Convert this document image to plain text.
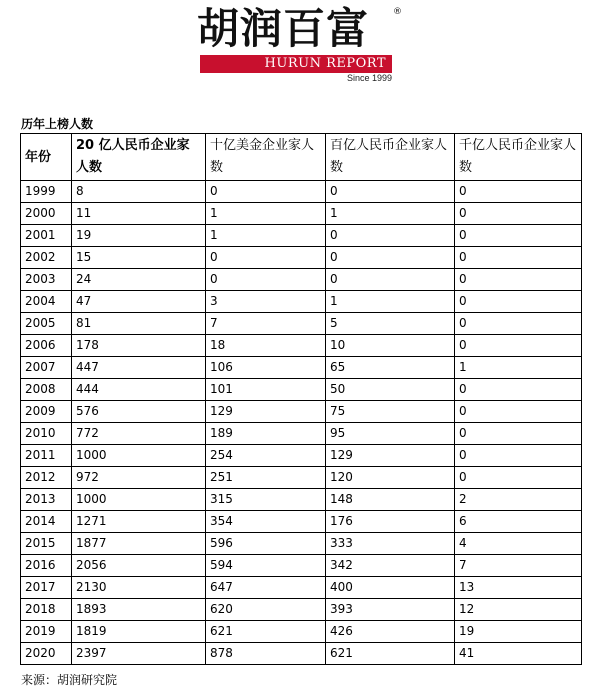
胡润百富	®
HURUN REPORT
Since 1999
历年上榜人数
年份	20 亿人民币企业家人数	十亿美金企业家人数	百亿人民币企业家人数	千亿人民币企业家人数
1999	8	0	0	0
2000	11	1	1	0
2001	19	1	0	0
2002	15	0	0	0
2003	24	0	0	0
2004	47	3	1	0
2005	81	7	5	0
2006	178	18	10	0
2007	447	106	65	1
2008	444	101	50	0
2009	576	129	75	0
2010	772	189	95	0
2011	1000	254	129	0
2012	972	251	120	0
2013	1000	315	148	2
2014	1271	354	176	6
2015	1877	596	333	4
2016	2056	594	342	7
2017	2130	647	400	13
2018	1893	620	393	12
2019	1819	621	426	19
2020	2397	878	621	41
来源：胡润研究院
